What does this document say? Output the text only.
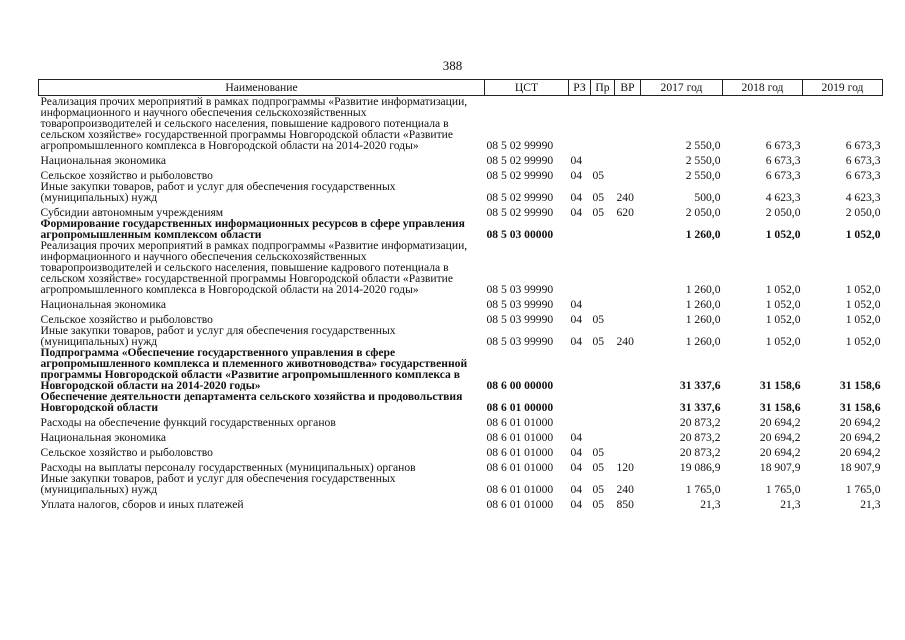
388
Наименование	ЦСТ	РЗ	Пр	ВР	2017 год	2018 год	2019 год
Реализация прочих мероприятий в рамках подпрограммы «Развитие информатизации, информационного и научного обеспечения сельскохозяйственных товаропроизводителей и сельского населения, повышение кадрового потенциала в сельском хозяйстве» государственной программы Новгородской области «Развитие агропромышленного комплекса в Новгородской области на 2014-2020 годы»	08 5 02 99990				2 550,0	6 673,3	6 673,3
Национальная экономика	08 5 02 99990	04			2 550,0	6 673,3	6 673,3
Сельское хозяйство и рыболовство	08 5 02 99990	04	05		2 550,0	6 673,3	6 673,3
Иные закупки товаров, работ и услуг для обеспечения государственных (муниципальных) нужд	08 5 02 99990	04	05	240	500,0	4 623,3	4 623,3
Субсидии автономным учреждениям	08 5 02 99990	04	05	620	2 050,0	2 050,0	2 050,0
Формирование государственных информационных ресурсов в сфере управления агропромышленным комплексом области	08 5 03 00000				1 260,0	1 052,0	1 052,0
Реализация прочих мероприятий в рамках подпрограммы «Развитие информатизации, информационного и научного обеспечения сельскохозяйственных товаропроизводителей и сельского населения, повышение кадрового потенциала в сельском хозяйстве» государственной программы Новгородской области «Развитие агропромышленного комплекса в Новгородской области на 2014-2020 годы»	08 5 03 99990				1 260,0	1 052,0	1 052,0
Национальная экономика	08 5 03 99990	04			1 260,0	1 052,0	1 052,0
Сельское хозяйство и рыболовство	08 5 03 99990	04	05		1 260,0	1 052,0	1 052,0
Иные закупки товаров, работ и услуг для обеспечения государственных (муниципальных) нужд	08 5 03 99990	04	05	240	1 260,0	1 052,0	1 052,0
Подпрограмма «Обеспечение государственного управления в сфере агропромышленного комплекса и племенного животноводства» государственной программы Новгородской области «Развитие агропромышленного комплекса в Новгородской области на 2014-2020 годы»	08 6 00 00000				31 337,6	31 158,6	31 158,6
Обеспечение деятельности департамента сельского хозяйства и продовольствия Новгородской области	08 6 01 00000				31 337,6	31 158,6	31 158,6
Расходы на обеспечение функций государственных органов	08 6 01 01000				20 873,2	20 694,2	20 694,2
Национальная экономика	08 6 01 01000	04			20 873,2	20 694,2	20 694,2
Сельское хозяйство и рыболовство	08 6 01 01000	04	05		20 873,2	20 694,2	20 694,2
Расходы на выплаты персоналу государственных (муниципальных) органов	08 6 01 01000	04	05	120	19 086,9	18 907,9	18 907,9
Иные закупки товаров, работ и услуг для обеспечения государственных (муниципальных) нужд	08 6 01 01000	04	05	240	1 765,0	1 765,0	1 765,0
Уплата налогов, сборов и иных платежей	08 6 01 01000	04	05	850	21,3	21,3	21,3
